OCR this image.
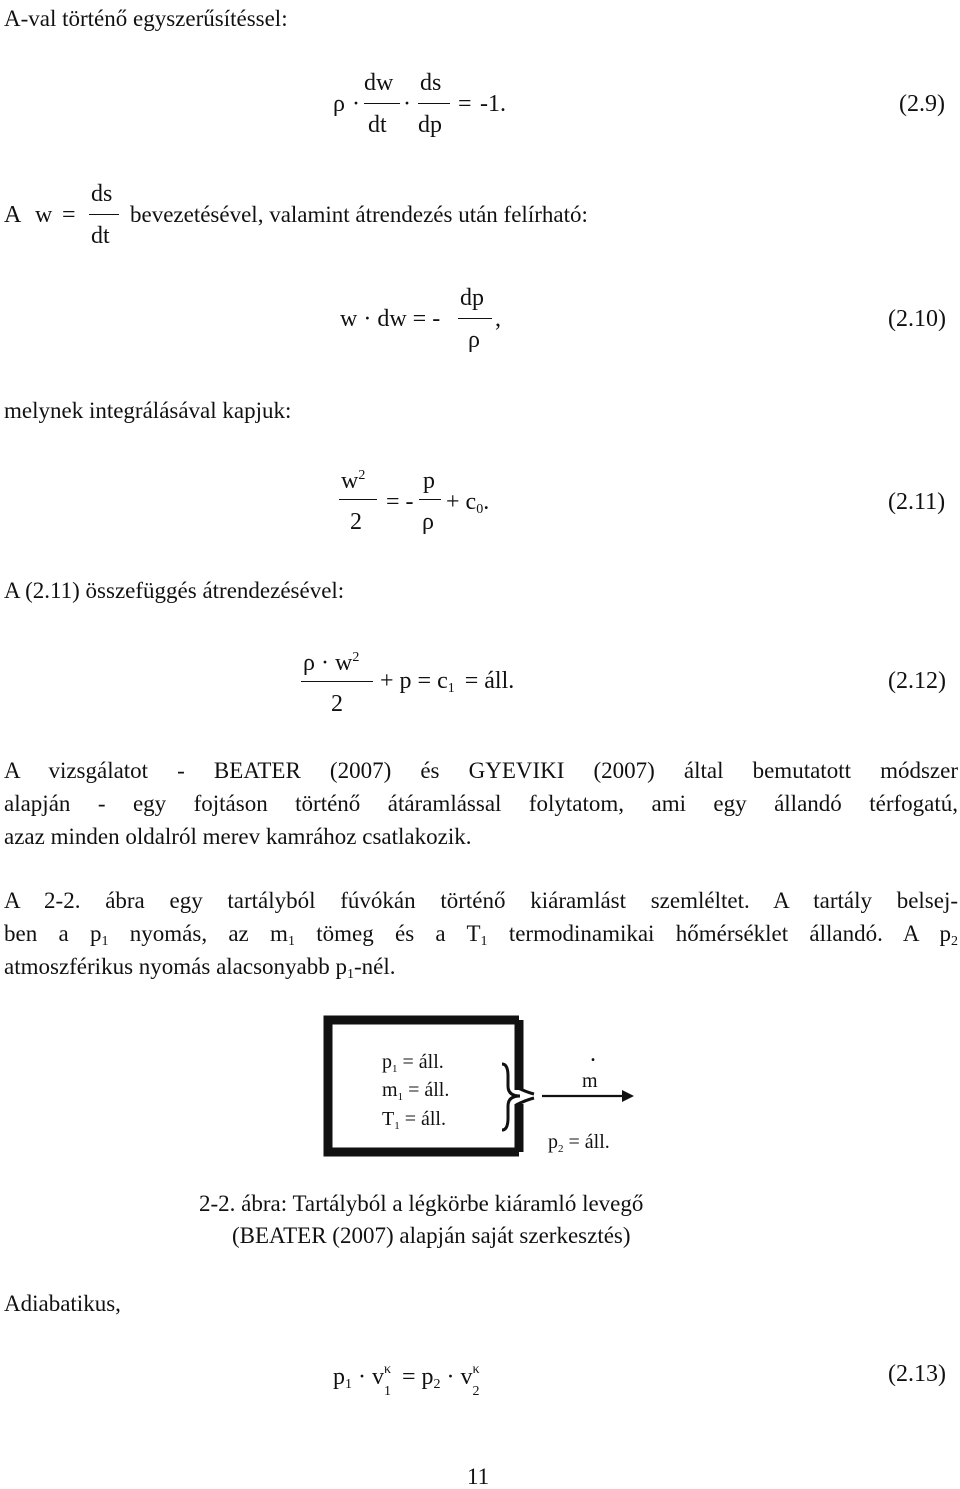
A-val történő egyszerűsítéssel:
ρ ·
dw
dt
·
ds
dp
= -1.	(2.9)
A w =
ds
dt
bevezetésével, valamint átrendezés után felírható:
w · dw = -
dp
ρ
,	(2.10)
melynek integrálásával kapjuk:
$w^2$
2
= -
p
ρ
+ $c_0$.	(2.11)
A (2.11) összefüggés átrendezésével:
$\rho \cdot w^2$
2
+ $p = c_1$ = áll.	(2.12)
A vizsgálatot - BEATER (2007) és GYEVIKI (2007) által bemutatott módszer
alapján - egy fojtáson történő átáramlással folytatom, ami egy állandó térfogatú,
azaz minden oldalról merev kamrához csatlakozik.
A 2-2. ábra egy tartályból fúvókán történő kiáramlást szemléltet. A tartály belsej-
ben a $p_1$ nyomás, az $m_1$ tömeg és a $T_1$ termodinamikai hőmérséklet állandó. A $p_2$
atmoszférikus nyomás alacsonyabb $p_1$-nél.
$p_1$ = áll.
$m_1$ = áll.
$T_1$ = áll.
.
m
$p_2$ = áll.
2-2. ábra: Tartályból a légkörbe kiáramló levegő
(BEATER (2007) alapján saját szerkesztés)
Adiabatikus,
$p_1 \cdot v$ κ
1
= $p_2 \cdot v$ κ
2
(2.13)
11
